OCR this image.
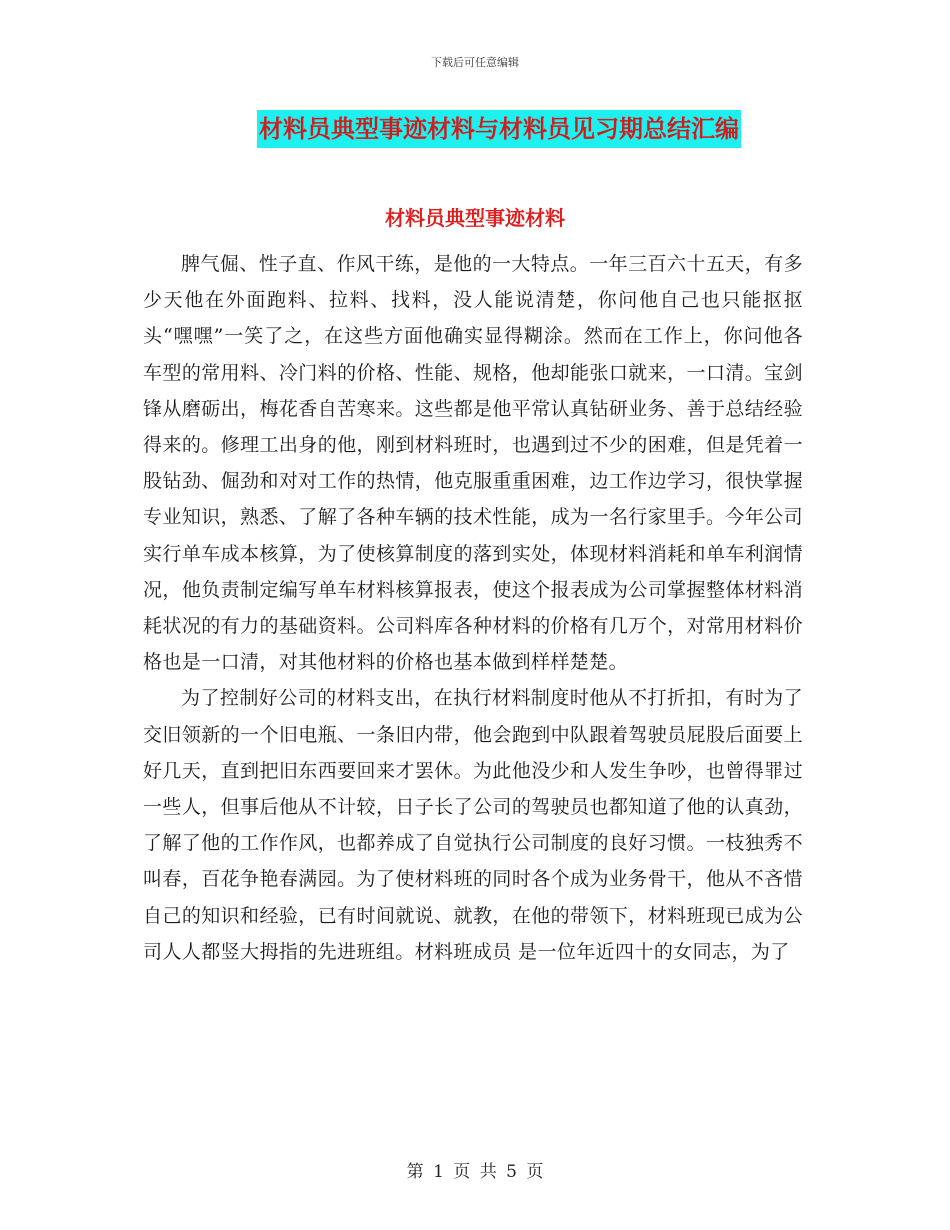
下载后可任意编辑
材料员典型事迹材料与材料员见习期总结汇编
材料员典型事迹材料

脾气倔、性子直、作风干练，是他的一大特点。一年三百六十五天，有多少天他在外面跑料、拉料、找料，没人能说清楚，你问他自己也只能抠抠头“嘿嘿”一笑了之，在这些方面他确实显得糊涂。然而在工作上，你问他各车型的常用料、冷门料的价格、性能、规格，他却能张口就来，一口清。宝剑锋从磨砺出，梅花香自苦寒来。这些都是他平常认真钻研业务、善于总结经验得来的。修理工出身的他，刚到材料班时，也遇到过不少的困难，但是凭着一股钻劲、倔劲和对对工作的热情，他克服重重困难，边工作边学习，很快掌握专业知识，熟悉、了解了各种车辆的技术性能，成为一名行家里手。今年公司实行单车成本核算，为了使核算制度的落到实处，体现材料消耗和单车利润情况，他负责制定编写单车材料核算报表，使这个报表成为公司掌握整体材料消耗状况的有力的基础资料。公司料库各种材料的价格有几万个，对常用材料价格也是一口清，对其他材料的价格也基本做到样样楚楚。

为了控制好公司的材料支出，在执行材料制度时他从不打折扣，有时为了交旧领新的一个旧电瓶、一条旧内带，他会跑到中队跟着驾驶员屁股后面要上好几天，直到把旧东西要回来才罢休。为此他没少和人发生争吵，也曾得罪过一些人，但事后他从不计较，日子长了公司的驾驶员也都知道了他的认真劲，了解了他的工作作风，也都养成了自觉执行公司制度的良好习惯。一枝独秀不叫春，百花争艳春满园。为了使材料班的同时各个成为业务骨干，他从不吝惜自己的知识和经验，已有时间就说、就教，在他的带领下，材料班现已成为公司人人都竖大拇指的先进班组。材料班成员 是一位年近四十的女同志，为了

第 1 页 共 5 页
